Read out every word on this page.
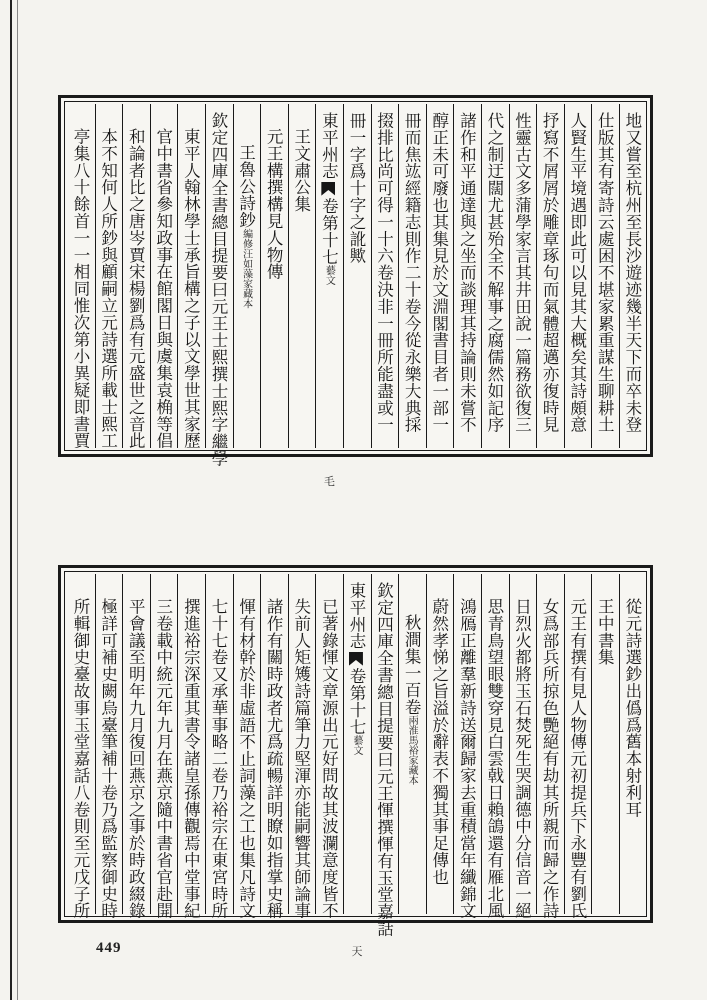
地又嘗至杭州至長沙遊迹幾半天下而卒未登
仕版其有寄詩云處困不堪家累重謀生聊耕土
人賢生平境遇即此可以見其大概矣其詩頗意
抒寫不屑屑於雕章琢句而氣體超邁亦復時見
性靈古文多蒲學家言其井田說一篇務欲復三
代之制迂闊尤甚殆全不解事之腐儒然如記序
諸作和平通達與之坐而談理其持論則未嘗不
醇正未可廢也其集見於文淵閣書目者一部一
冊而焦竑經籍志則作二十卷今從永樂大典採
掇排比尚可得一十六卷決非一冊所能盡或一
冊一字爲十字之訛歟
東平州志卷第十七藝文毛
王文肅公集
元王構撰構見人物傳
王魯公詩鈔編修汪如藻家藏本
欽定四庫全書總目提要曰元王士熙撰士熙字繼學
東平人翰林學士承旨構之子以文學世其家歷
官中書省參知政事在館閣日與虞集袁桷等倡
和論者比之唐岑賈宋楊劉爲有元盛世之音此
本不知何人所鈔與顧嗣立元詩選所載士熙工
亭集八十餘首一一相同惟次第小異疑即書賈
從元詩選鈔出僞爲舊本射利耳
王中書集
元王有撰有見人物傳元初提兵下永豐有劉氏
女爲部兵所掠色艷絕有劫其所親而歸之作詩
日烈火都將玉石焚死生哭調德中分信音一絕
思青鳥望眼雙穿見白雲戟日賴鴿還有雁北風
鴻鴈正離羣新詩送爾歸家去重積當年纖錦文
蔚然孝悌之旨溢於辭表不獨其事足傳也
秋澗集一百卷兩淮馬裕家藏本
欽定四庫全書總目提要曰元王惲撰惲有玉堂嘉話
東平州志卷第十七藝文天
已著錄惲文章源出元好問故其波瀾意度皆不
失前人矩矱詩篇筆力堅渾亦能嗣響其師論事
諸作有關時政者尤爲疏暢詳明瞭如指掌史稱
惲有材幹於非虛語不止詞藻之工也集凡詩文
七十七卷又承華事略二卷乃裕宗在東宮時所
撰進裕宗深重其書令諸皇孫傳觀焉中堂事紀
三卷載中統元年九月在燕京隨中書省官赴開
平會議至明年九月復回燕京之事於時政綴錄
極詳可補史闕烏臺筆補十卷乃爲監察御史時
所輯御史臺故事玉堂嘉話八卷則至元戊子所
449
